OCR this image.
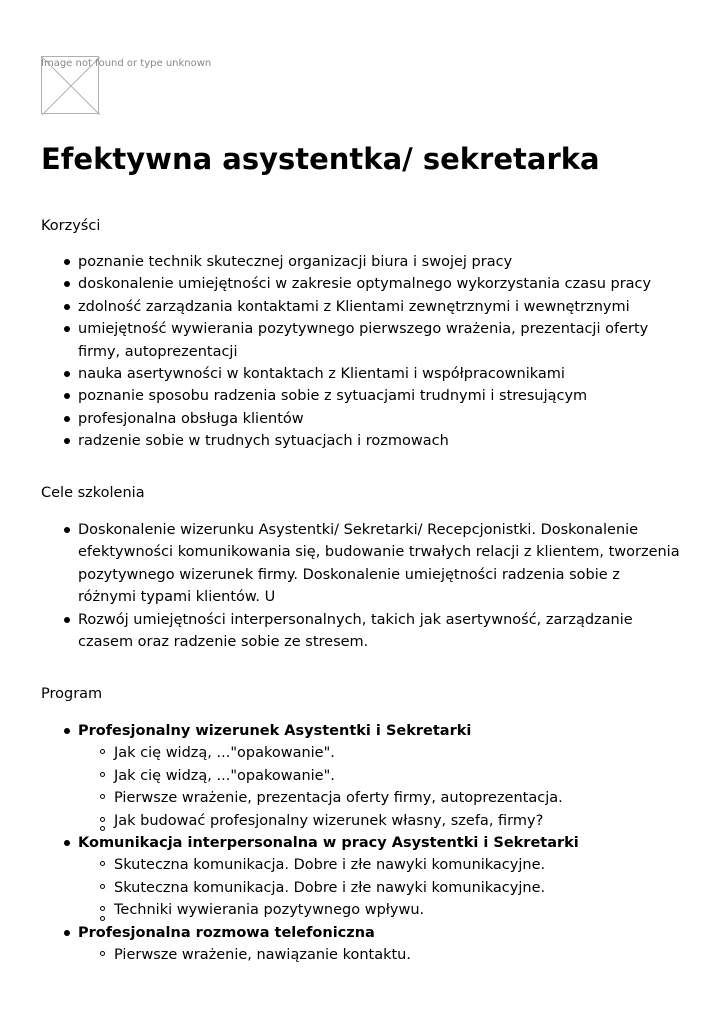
Image not found or type unknown
Efektywna asystentka/ sekretarka
Korzyści
poznanie technik skutecznej organizacji biura i swojej pracy
doskonalenie umiejętności w zakresie optymalnego wykorzystania czasu pracy
zdolność zarządzania kontaktami z Klientami zewnętrznymi i wewnętrznymi
umiejętność wywierania pozytywnego pierwszego wrażenia, prezentacji oferty firmy, autoprezentacji
nauka asertywności w kontaktach z Klientami i współpracownikami
poznanie sposobu radzenia sobie z sytuacjami trudnymi i stresującym
profesjonalna obsługa klientów
radzenie sobie w trudnych sytuacjach i rozmowach
Cele szkolenia
Doskonalenie wizerunku Asystentki/ Sekretarki/ Recepcjonistki. Doskonalenie efektywności komunikowania się, budowanie trwałych relacji z klientem, tworzenia pozytywnego wizerunek firmy. Doskonalenie umiejętności radzenia sobie z różnymi typami klientów. U
Rozwój umiejętności interpersonalnych, takich jak asertywność, zarządzanie czasem oraz radzenie sobie ze stresem.
Program
Profesjonalny wizerunek Asystentki i Sekretarki
Jak cię widzą, ..."opakowanie".
Jak cię widzą, ..."opakowanie".
Pierwsze wrażenie, prezentacja oferty firmy, autoprezentacja.
Jak budować profesjonalny wizerunek własny, szefa, firmy?
Komunikacja interpersonalna w pracy Asystentki i Sekretarki
Skuteczna komunikacja. Dobre i złe nawyki komunikacyjne.
Skuteczna komunikacja. Dobre i złe nawyki komunikacyjne.
Techniki wywierania pozytywnego wpływu.
Profesjonalna rozmowa telefoniczna
Pierwsze wrażenie, nawiązanie kontaktu.
